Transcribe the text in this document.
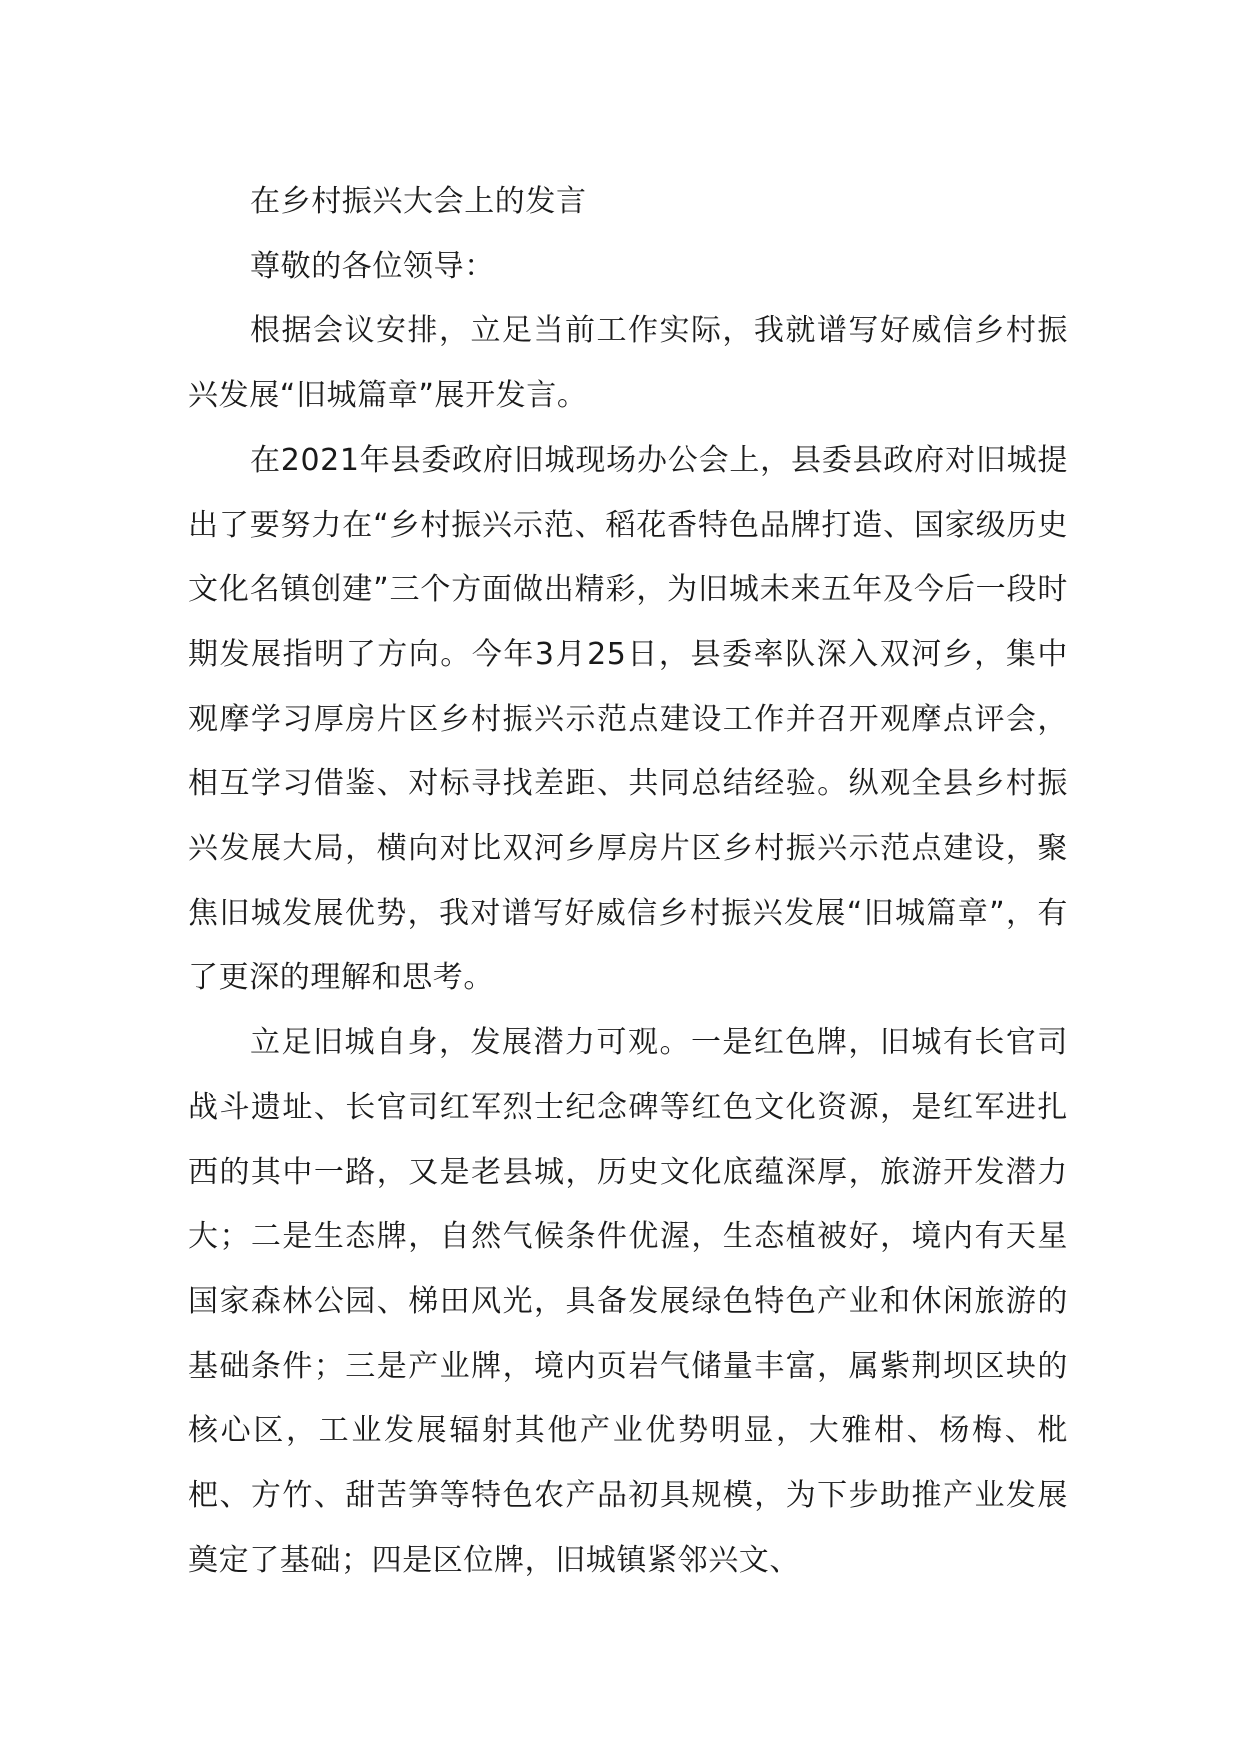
在乡村振兴大会上的发言

尊敬的各位领导：

根据会议安排，立足当前工作实际，我就谱写好威信乡村振兴发展“旧城篇章”展开发言。

在2021年县委政府旧城现场办公会上，县委县政府对旧城提出了要努力在“乡村振兴示范、稻花香特色品牌打造、国家级历史文化名镇创建”三个方面做出精彩，为旧城未来五年及今后一段时期发展指明了方向。今年3月25日，县委率队深入双河乡，集中观摩学习厚房片区乡村振兴示范点建设工作并召开观摩点评会，相互学习借鉴、对标寻找差距、共同总结经验。纵观全县乡村振兴发展大局，横向对比双河乡厚房片区乡村振兴示范点建设，聚焦旧城发展优势，我对谱写好威信乡村振兴发展“旧城篇章”，有了更深的理解和思考。

立足旧城自身，发展潜力可观。一是红色牌，旧城有长官司战斗遗址、长官司红军烈士纪念碑等红色文化资源，是红军进扎西的其中一路，又是老县城，历史文化底蕴深厚，旅游开发潜力大；二是生态牌，自然气候条件优渥，生态植被好，境内有天星国家森林公园、梯田风光，具备发展绿色特色产业和休闲旅游的基础条件；三是产业牌，境内页岩气储量丰富，属紫荆坝区块的核心区，工业发展辐射其他产业优势明显，大雅柑、杨梅、枇杷、方竹、甜苦笋等特色农产品初具规模，为下步助推产业发展奠定了基础；四是区位牌，旧城镇紧邻兴文、
